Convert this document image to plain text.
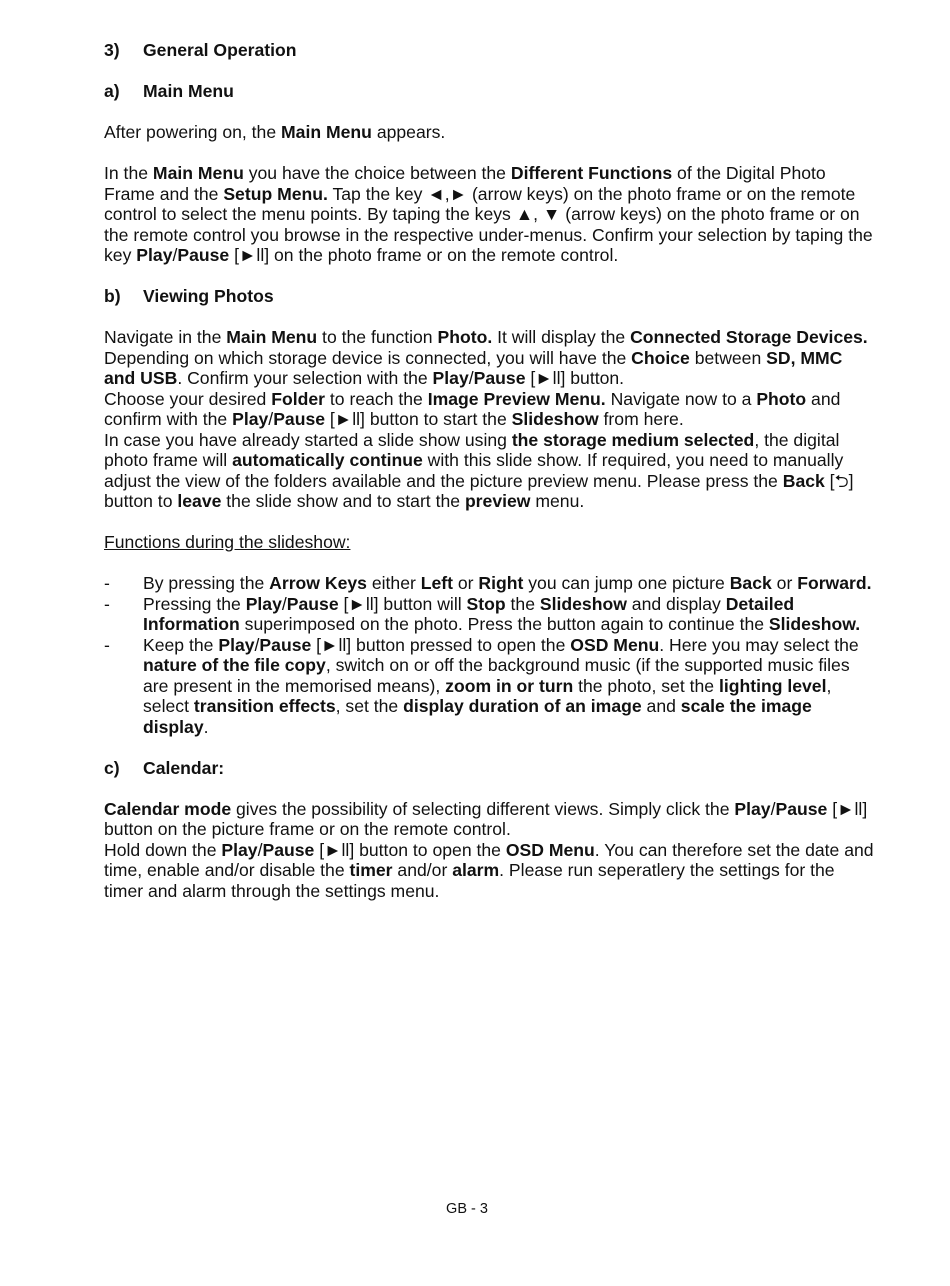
3)	General Operation
a)	Main Menu

After powering on, the Main Menu appears.

In the Main Menu you have the choice between the Different Functions of the Digital Photo Frame and the Setup Menu. Tap the key ◄,► (arrow keys) on the photo frame or on the remote control to select the menu points. By taping the keys ▲, ▼ (arrow keys) on the photo frame or on the remote control you browse in the respective under-menus. Confirm your selection by taping the key Play/Pause [►ll] on the photo frame or on the remote control.

b)	Viewing Photos

Navigate in the Main Menu to the function Photo. It will display the Connected Storage Devices. Depending on which storage device is connected, you will have the Choice between SD, MMC and USB. Confirm your selection with the Play/Pause [►ll] button.

Choose your desired Folder to reach the Image Preview Menu. Navigate now to a Photo and confirm with the Play/Pause [►ll] button to start the Slideshow from here.

In case you have already started a slide show using the storage medium selected, the digital photo frame will automatically continue with this slide show. If required, you need to manually adjust the view of the folders available and the picture preview menu. Please press the Back [⮌] button to leave the slide show and to start the preview menu.

Functions during the slideshow:

-	By pressing the Arrow Keys either Left or Right you can jump one picture Back or Forward.
-	Pressing the Play/Pause [►ll] button will Stop the Slideshow and display Detailed Information superimposed on the photo. Press the button again to continue the Slideshow.
-	Keep the Play/Pause [►ll] button pressed to open the OSD Menu. Here you may select the nature of the file copy, switch on or off the background music (if the supported music files are present in the memorised means), zoom in or turn the photo, set the lighting level, select transition effects, set the display duration of an image and scale the image display.
c)	Calendar:

Calendar mode gives the possibility of selecting different views. Simply click the Play/Pause [►ll] button on the picture frame or on the remote control.

Hold down the Play/Pause [►ll] button to open the OSD Menu. You can therefore set the date and time, enable and/or disable the timer and/or alarm. Please run seperatlery the settings for the timer and alarm through the settings menu.

GB - 3
